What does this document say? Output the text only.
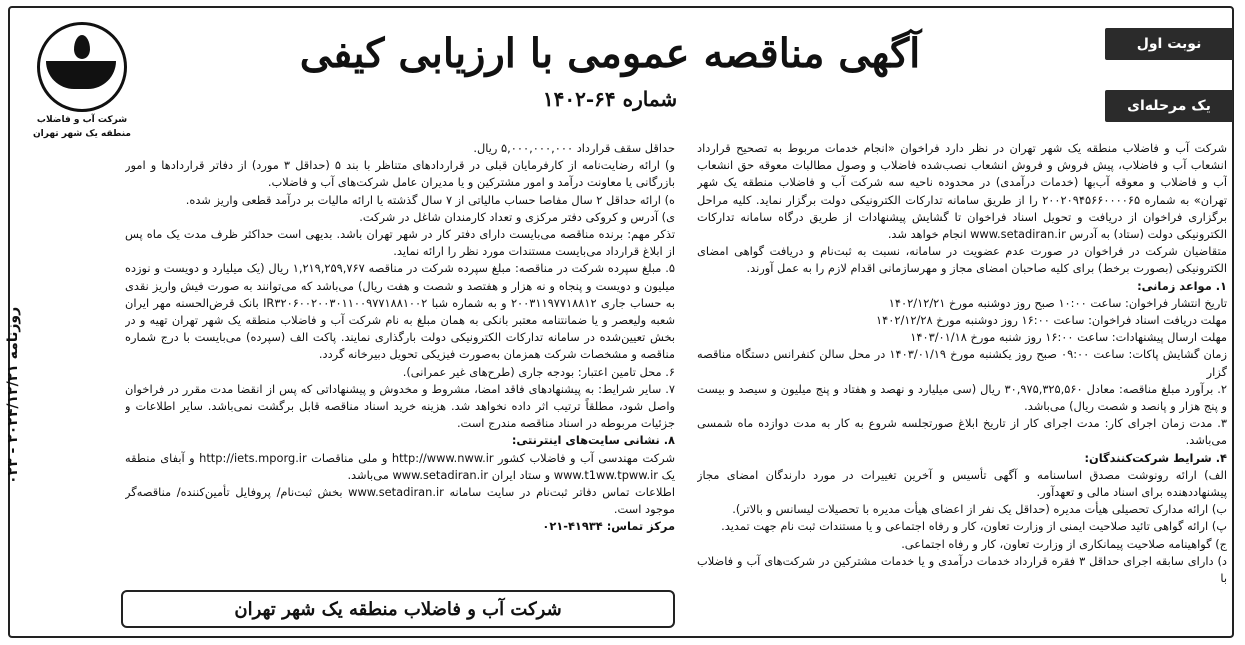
نوبت اول
یک مرحله‌ای
آگهی مناقصه عمومی با ارزیابی کیفی
شماره ۶۴-۱۴۰۲
شرکت آب و فاضلاب
منطقه یک شهر تهران

شرکت آب و فاضلاب منطقه یک شهر تهران در نظر دارد فراخوان «انجام خدمات مربوط به تصحیح قرارداد انشعاب آب و فاضلاب، پیش فروش و فروش انشعاب نصب‌شده فاضلاب و وصول مطالبات معوقه حق انشعاب آب و فاضلاب و معوقه آب‌بها (خدمات درآمدی) در محدوده ناحیه سه شرکت آب و فاضلاب منطقه یک شهر تهران» به شماره ۲۰۰۲۰۹۴۵۶۶۰۰۰۰۶۵ را از طریق سامانه تدارکات الکترونیکی دولت برگزار نماید. کلیه مراحل برگزاری فراخوان از دریافت و تحویل اسناد فراخوان تا گشایش پیشنهادات از طریق درگاه سامانه تدارکات الکترونیکی دولت (ستاد) به آدرس www.setadiran.ir انجام خواهد شد.

متقاضیان شرکت در فراخوان در صورت عدم عضویت در سامانه، نسبت به ثبت‌نام و دریافت گواهی امضای الکترونیکی (بصورت برخط) برای کلیه صاحبان امضای مجاز و مهرسازمانی اقدام لازم را به عمل آورند.

۱. مواعد زمانی:

تاریخ انتشار فراخوان: ساعت ۱۰:۰۰ صبح روز دوشنبه مورخ ۱۴۰۲/۱۲/۲۱

مهلت دریافت اسناد فراخوان: ساعت ۱۶:۰۰ روز دوشنبه مورخ ۱۴۰۲/۱۲/۲۸

مهلت ارسال پیشنهادات: ساعت ۱۶:۰۰ روز شنبه مورخ ۱۴۰۳/۰۱/۱۸

زمان گشایش پاکات: ساعت ۰۹:۰۰ صبح روز یکشنبه مورخ ۱۴۰۳/۰۱/۱۹ در محل سالن کنفرانس دستگاه مناقصه گزار

۲. برآورد مبلغ مناقصه: معادل ۳۰,۹۷۵,۳۲۵,۵۶۰ ریال (سی میلیارد و نهصد و هفتاد و پنج میلیون و سیصد و بیست و پنج هزار و پانصد و شصت ریال) می‌باشد.

۳. مدت زمان اجرای کار: مدت اجرای کار از تاریخ ابلاغ صورتجلسه شروع به کار به مدت دوازده ماه شمسی می‌باشد.

۴. شرایط شرکت‌کنندگان:

الف) ارائه رونوشت مصدق اساسنامه و آگهی تأسیس و آخرین تغییرات در مورد دارندگان امضای مجاز پیشنهاددهنده برای اسناد مالی و تعهدآور.

ب) ارائه مدارک تحصیلی هیأت مدیره (حداقل یک نفر از اعضای هیأت مدیره با تحصیلات لیسانس و بالاتر).

پ) ارائه گواهی تائید صلاحیت ایمنی از وزارت تعاون، کار و رفاه اجتماعی و یا مستندات ثبت نام جهت تمدید.

ج) گواهینامه صلاحیت پیمانکاری از وزارت تعاون، کار و رفاه اجتماعی.

د) دارای سابقه اجرای حداقل ۳ فقره قرارداد خدمات درآمدی و یا خدمات مشترکین در شرکت‌های آب و فاضلاب با

حداقل سقف قرارداد ۵,۰۰۰,۰۰۰,۰۰۰ ریال.

و) ارائه رضایت‌نامه از کارفرمایان قبلی در قراردادهای متناظر با بند ۵ (حداقل ۳ مورد) از دفاتر قراردادها و امور بازرگانی یا معاونت درآمد و امور مشترکین و یا مدیران عامل شرکت‌های آب و فاضلاب.

ه) ارائه حداقل ۲ سال مفاصا حساب مالیاتی از ۷ سال گذشته یا ارائه مالیات بر درآمد قطعی واریز شده.

ی) آدرس و کروکی دفتر مرکزی و تعداد کارمندان شاغل در شرکت.

تذکر مهم: برنده مناقصه می‌بایست دارای دفتر کار در شهر تهران باشد. بدیهی است حداکثر ظرف مدت یک ماه پس از ابلاغ قرارداد می‌بایست مستندات مورد نظر را ارائه نماید.

۵. مبلغ سپرده شرکت در مناقصه: مبلغ سپرده شرکت در مناقصه ۱,۲۱۹,۲۵۹,۷۶۷ ریال (یک میلیارد و دویست و نوزده میلیون و دویست و پنجاه و نه هزار و هفتصد و شصت و هفت ریال) می‌باشد که می‌توانند به صورت فیش واریز نقدی به حساب جاری ۲۰۰۳۱۱۹۷۷۱۸۸۱۲ و به شماره شبا IR۳۲۰۶۰۰۲۰۰۳۰۱۱۰۰۹۷۷۱۸۸۱۰۰۲ بانک قرض‌الحسنه مهر ایران شعبه ولیعصر و یا ضمانتنامه معتبر بانکی به همان مبلغ به نام شرکت آب و فاضلاب منطقه یک شهر تهران تهیه و در بخش تعیین‌شده در سامانه تدارکات الکترونیکی دولت بارگذاری نمایند. پاکت الف (سپرده) می‌بایست با درج شماره مناقصه و مشخصات شرکت همزمان به‌صورت فیزیکی تحویل دبیرخانه گردد.

۶. محل تامین اعتبار: بودجه جاری (طرح‌های غیر عمرانی).

۷. سایر شرایط: به پیشنهادهای فاقد امضا، مشروط و مخدوش و پیشنهاداتی که پس از انقضا مدت مقرر در فراخوان واصل شود، مطلقاً ترتیب اثر داده نخواهد شد. هزینه خرید اسناد مناقصه قابل برگشت نمی‌باشد. سایر اطلاعات و جزئیات مربوطه در اسناد مناقصه مندرج است.

۸. نشانی سایت‌های اینترنتی:

شرکت مهندسی آب و فاضلاب کشور http://www.nww.ir و ملی مناقصات http://iets.mporg.ir و آبفای منطقه یک www.t1ww.tpww.ir و ستاد ایران www.setadiran.ir می‌باشد.

اطلاعات تماس دفاتر ثبت‌نام در سایت سامانه www.setadiran.ir بخش ثبت‌نام/ پروفایل تأمین‌کننده/ مناقصه‌گر موجود است.

مرکز تماس: ۴۱۹۳۴-۰۲۱

شرکت آب و فاضلاب منطقه یک شهر تهران
روزنامه ۲۰۲۴/۱۲/۲۱ - ۰۲۳
